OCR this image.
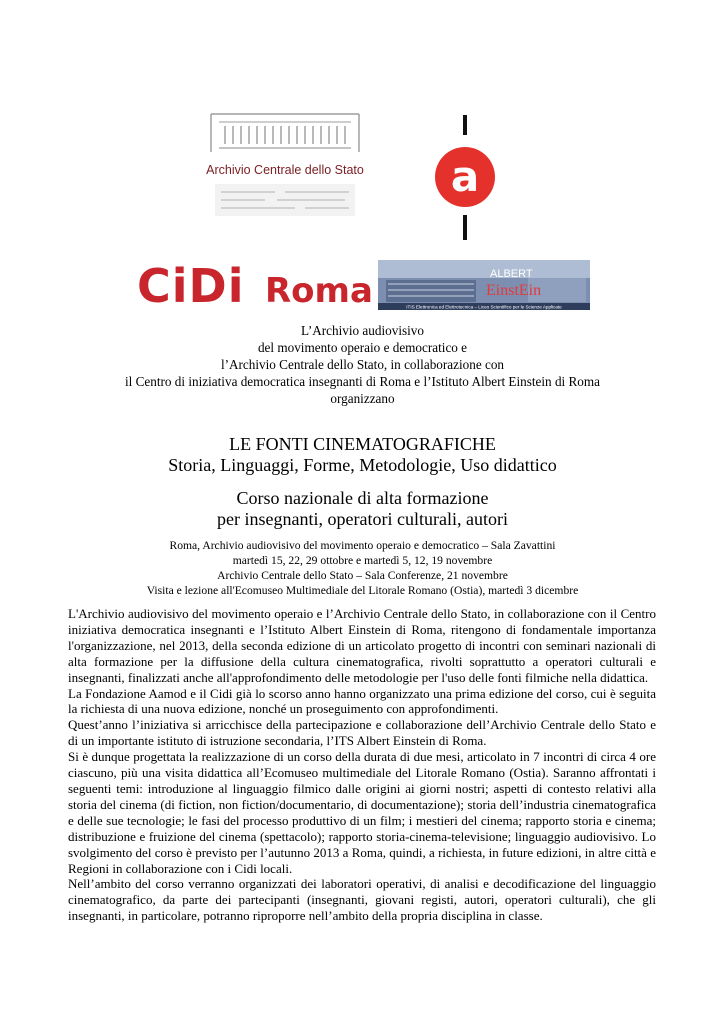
Archivio Centrale dello Stato a
CiDi Roma	ALBERT
EinstEin
ITIS Elettronica ed Elettrotecnica – Liceo Scientifico per le Scienze Applicate
L’Archivio audiovisivo
del movimento operaio e democratico e
l’Archivio Centrale dello Stato, in collaborazione con
il Centro di iniziativa democratica insegnanti di Roma e l’Istituto Albert Einstein di Roma
organizzano
LE FONTI CINEMATOGRAFICHE
Storia, Linguaggi, Forme, Metodologie, Uso didattico
Corso nazionale di alta formazione
per insegnanti, operatori culturali, autori
Roma, Archivio audiovisivo del movimento operaio e democratico – Sala Zavattini
martedì 15, 22, 29 ottobre e martedì 5, 12, 19 novembre
Archivio Centrale dello Stato – Sala Conferenze, 21 novembre
Visita e lezione all'Ecomuseo Multimediale del Litorale Romano (Ostia), martedì 3 dicembre

L'Archivio audiovisivo del movimento operaio e l’Archivio Centrale dello Stato, in collaborazione con il Centro iniziativa democratica insegnanti e l’Istituto Albert Einstein di Roma, ritengono di fondamentale importanza l'organizzazione, nel 2013, della seconda edizione di un articolato progetto di incontri con seminari nazionali di alta formazione per la diffusione della cultura cinematografica, rivolti soprattutto a operatori culturali e insegnanti, finalizzati anche all'approfondimento delle metodologie per l'uso delle fonti filmiche nella didattica.

La Fondazione Aamod e il Cidi già lo scorso anno hanno organizzato una prima edizione del corso, cui è seguita la richiesta di una nuova edizione, nonché un proseguimento con approfondimenti.

Quest’anno l’iniziativa si arricchisce della partecipazione e collaborazione dell’Archivio Centrale dello Stato e di un importante istituto di istruzione secondaria, l’ITS Albert Einstein di Roma.

Si è dunque progettata la realizzazione di un corso della durata di due mesi, articolato in 7 incontri di circa 4 ore ciascuno, più una visita didattica all’Ecomuseo multimediale del Litorale Romano (Ostia). Saranno affrontati i seguenti temi: introduzione al linguaggio filmico dalle origini ai giorni nostri; aspetti di contesto relativi alla storia del cinema (di fiction, non fiction/documentario, di documentazione); storia dell’industria cinematografica e delle sue tecnologie; le fasi del processo produttivo di un film; i mestieri del cinema; rapporto storia e cinema; distribuzione e fruizione del cinema (spettacolo); rapporto storia-cinema-televisione; linguaggio audiovisivo. Lo svolgimento del corso è previsto per l’autunno 2013 a Roma, quindi, a richiesta, in future edizioni, in altre città e Regioni in collaborazione con i Cidi locali.

Nell’ambito del corso verranno organizzati dei laboratori operativi, di analisi e decodificazione del linguaggio cinematografico, da parte dei partecipanti (insegnanti, giovani registi, autori, operatori culturali), che gli insegnanti, in particolare, potranno riproporre nell’ambito della propria disciplina in classe.
